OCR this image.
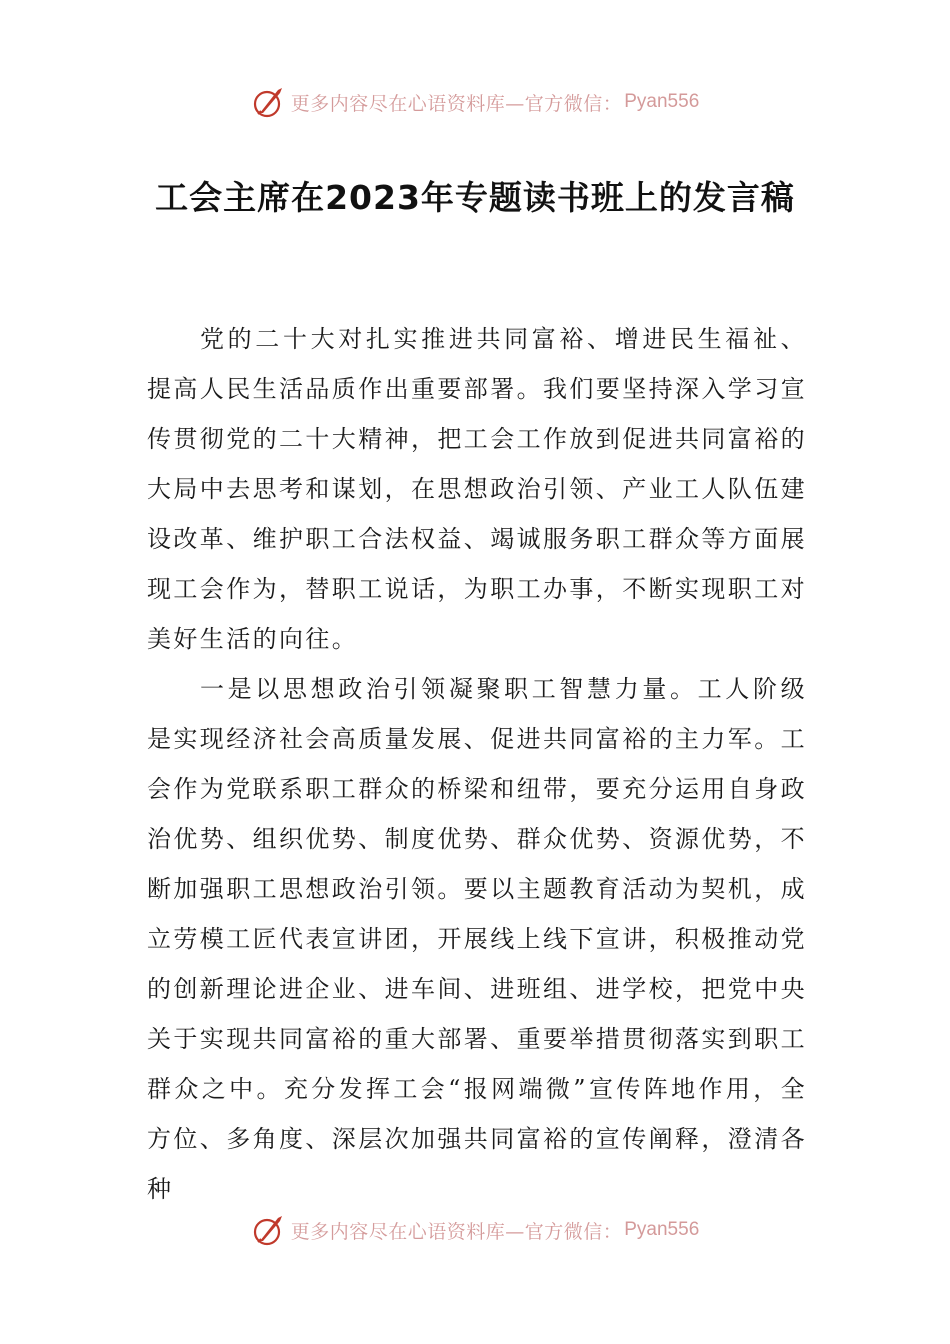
更多内容尽在心语资料库—官方微信： Pyan556
工会主席在2023年专题读书班上的发言稿

党的二十大对扎实推进共同富裕、增进民生福祉、提高人民生活品质作出重要部署。我们要坚持深入学习宣传贯彻党的二十大精神，把工会工作放到促进共同富裕的大局中去思考和谋划，在思想政治引领、产业工人队伍建设改革、维护职工合法权益、竭诚服务职工群众等方面展现工会作为，替职工说话，为职工办事，不断实现职工对美好生活的向往。

一是以思想政治引领凝聚职工智慧力量。工人阶级是实现经济社会高质量发展、促进共同富裕的主力军。工会作为党联系职工群众的桥梁和纽带，要充分运用自身政治优势、组织优势、制度优势、群众优势、资源优势，不断加强职工思想政治引领。要以主题教育活动为契机，成立劳模工匠代表宣讲团，开展线上线下宣讲，积极推动党的创新理论进企业、进车间、进班组、进学校，把党中央关于实现共同富裕的重大部署、重要举措贯彻落实到职工群众之中。充分发挥工会“报网端微”宣传阵地作用，全方位、多角度、深层次加强共同富裕的宣传阐释，澄清各种

更多内容尽在心语资料库—官方微信： Pyan556
